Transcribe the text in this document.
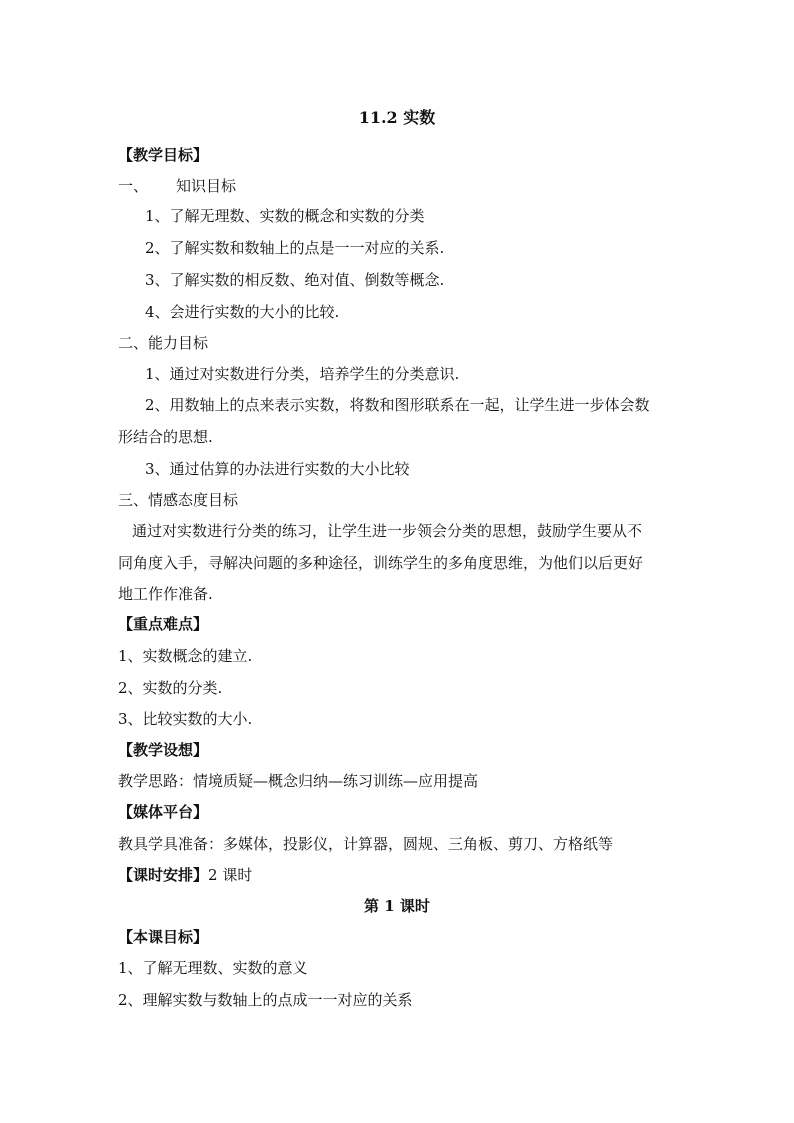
11.2 实数
【教学目标】
一、 知识目标
1、了解无理数、实数的概念和实数的分类
2、了解实数和数轴上的点是一一对应的关系.
3、了解实数的相反数、绝对值、倒数等概念.
4、会进行实数的大小的比较.
二、能力目标
1、通过对实数进行分类，培养学生的分类意识.
2、用数轴上的点来表示实数，将数和图形联系在一起，让学生进一步体会数
形结合的思想.
3、通过估算的办法进行实数的大小比较
三、情感态度目标
通过对实数进行分类的练习，让学生进一步领会分类的思想，鼓励学生要从不
同角度入手，寻解决问题的多种途径，训练学生的多角度思维，为他们以后更好
地工作作准备.
【重点难点】
1、实数概念的建立.
2、实数的分类.
3、比较实数的大小.
【教学设想】
教学思路：情境质疑—概念归纳—练习训练—应用提高
【媒体平台】
教具学具准备：多媒体，投影仪，计算器，圆规、三角板、剪刀、方格纸等
【课时安排】2 课时
第 1 课时
【本课目标】
1、了解无理数、实数的意义
2、理解实数与数轴上的点成一一对应的关系
